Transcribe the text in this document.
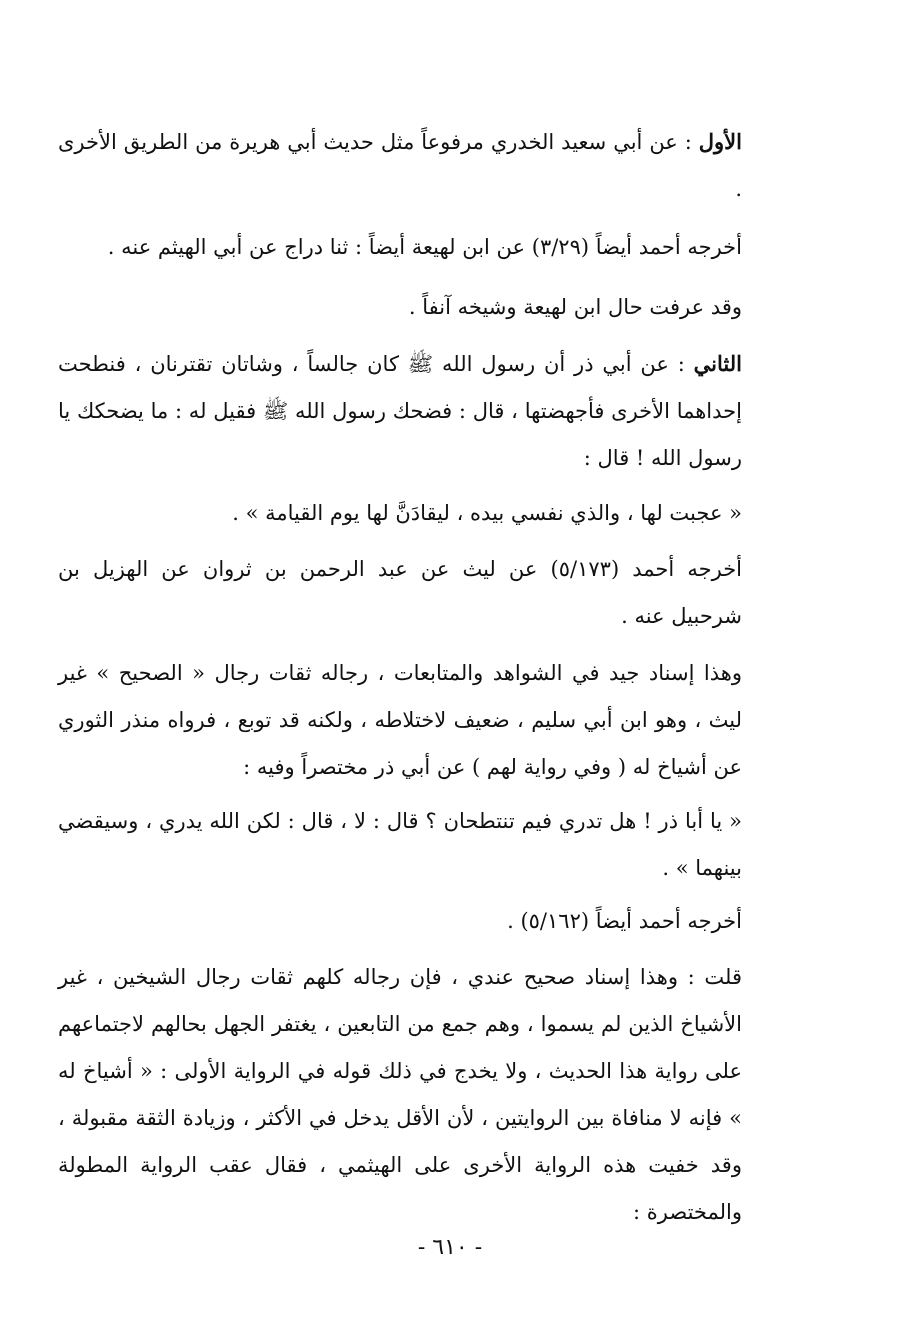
الأول : عن أبي سعيد الخدري مرفوعاً مثل حديث أبي هريرة من الطريق الأخرى .

أخرجه أحمد أيضاً (٣/٢٩) عن ابن لهيعة أيضاً : ثنا دراج عن أبي الهيثم عنه .

وقد عرفت حال ابن لهيعة وشيخه آنفاً .

الثاني : عن أبي ذر أن رسول الله ﷺ كان جالساً ، وشاتان تقترنان ، فنطحت إحداهما الأخرى فأجهضتها ، قال : فضحك رسول الله ﷺ فقيل له : ما يضحكك يا رسول الله ! قال :

« عجبت لها ، والذي نفسي بيده ، ليقادَنَّ لها يوم القيامة » .

أخرجه أحمد (٥/١٧٣) عن ليث عن عبد الرحمن بن ثروان عن الهزيل بن شرحبيل عنه .

وهذا إسناد جيد في الشواهد والمتابعات ، رجاله ثقات رجال « الصحيح » غير ليث ، وهو ابن أبي سليم ، ضعيف لاختلاطه ، ولكنه قد توبع ، فرواه منذر الثوري عن أشياخ له ( وفي رواية لهم ) عن أبي ذر مختصراً وفيه :

« يا أبا ذر ! هل تدري فيم تنتطحان ؟ قال : لا ، قال : لكن الله يدري ، وسيقضي بينهما » .

أخرجه أحمد أيضاً (٥/١٦٢) .

قلت : وهذا إسناد صحيح عندي ، فإن رجاله كلهم ثقات رجال الشيخين ، غير الأشياخ الذين لم يسموا ، وهم جمع من التابعين ، يغتفر الجهل بحالهم لاجتماعهم على رواية هذا الحديث ، ولا يخدج في ذلك قوله في الرواية الأولى : « أشياخ له » فإنه لا منافاة بين الروايتين ، لأن الأقل يدخل في الأكثر ، وزيادة الثقة مقبولة ، وقد خفيت هذه الرواية الأخرى على الهيثمي ، فقال عقب الرواية المطولة والمختصرة :

- ٦١٠ -
